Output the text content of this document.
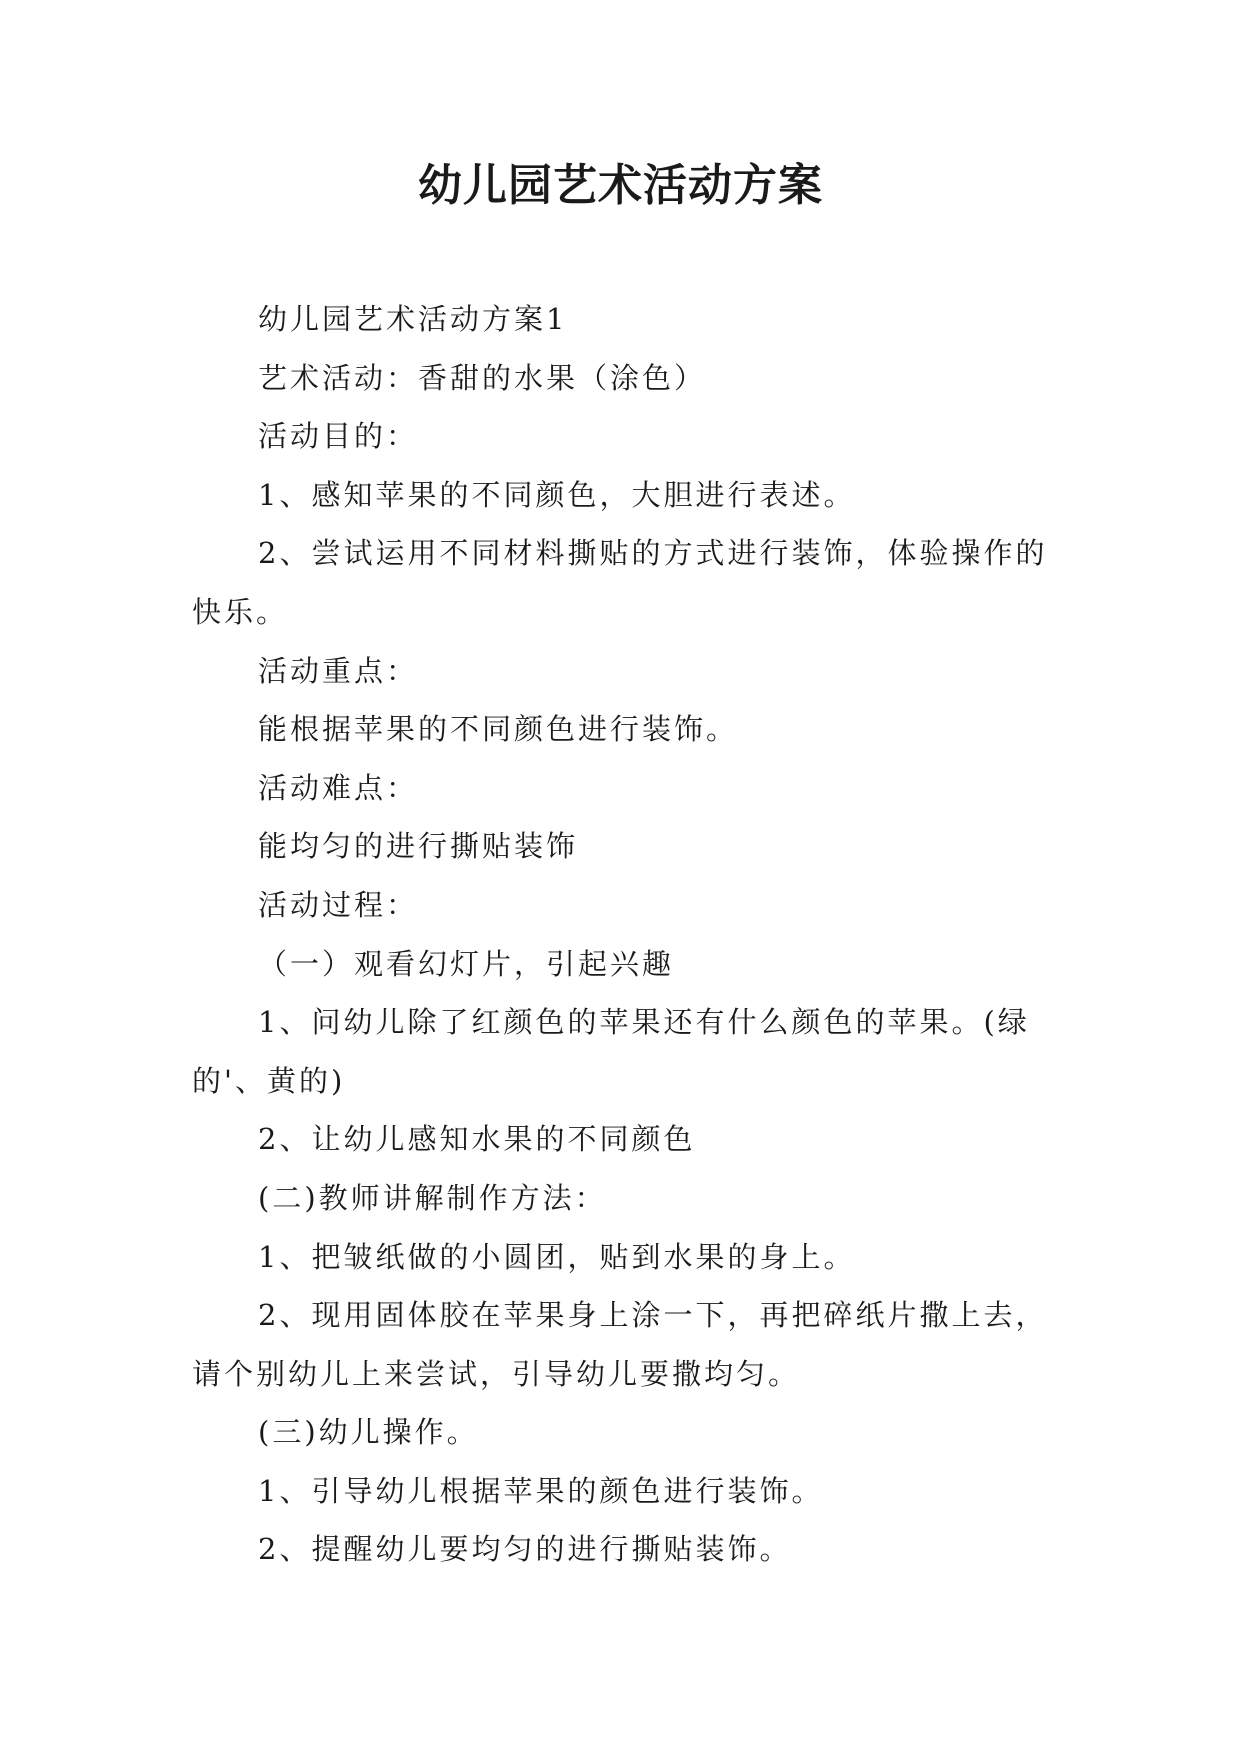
幼儿园艺术活动方案

幼儿园艺术活动方案1

艺术活动：香甜的水果（涂色）

活动目的：

1、感知苹果的不同颜色，大胆进行表述。

2、尝试运用不同材料撕贴的方式进行装饰，体验操作的快乐。

活动重点：

能根据苹果的不同颜色进行装饰。

活动难点：

能均匀的进行撕贴装饰

活动过程：

（一）观看幻灯片，引起兴趣

1、问幼儿除了红颜色的苹果还有什么颜色的苹果。(绿的'、黄的)

2、让幼儿感知水果的不同颜色

(二)教师讲解制作方法：

1、把皱纸做的小圆团，贴到水果的身上。

2、现用固体胶在苹果身上涂一下，再把碎纸片撒上去，请个别幼儿上来尝试，引导幼儿要撒均匀。

(三)幼儿操作。

1、引导幼儿根据苹果的颜色进行装饰。

2、提醒幼儿要均匀的进行撕贴装饰。
